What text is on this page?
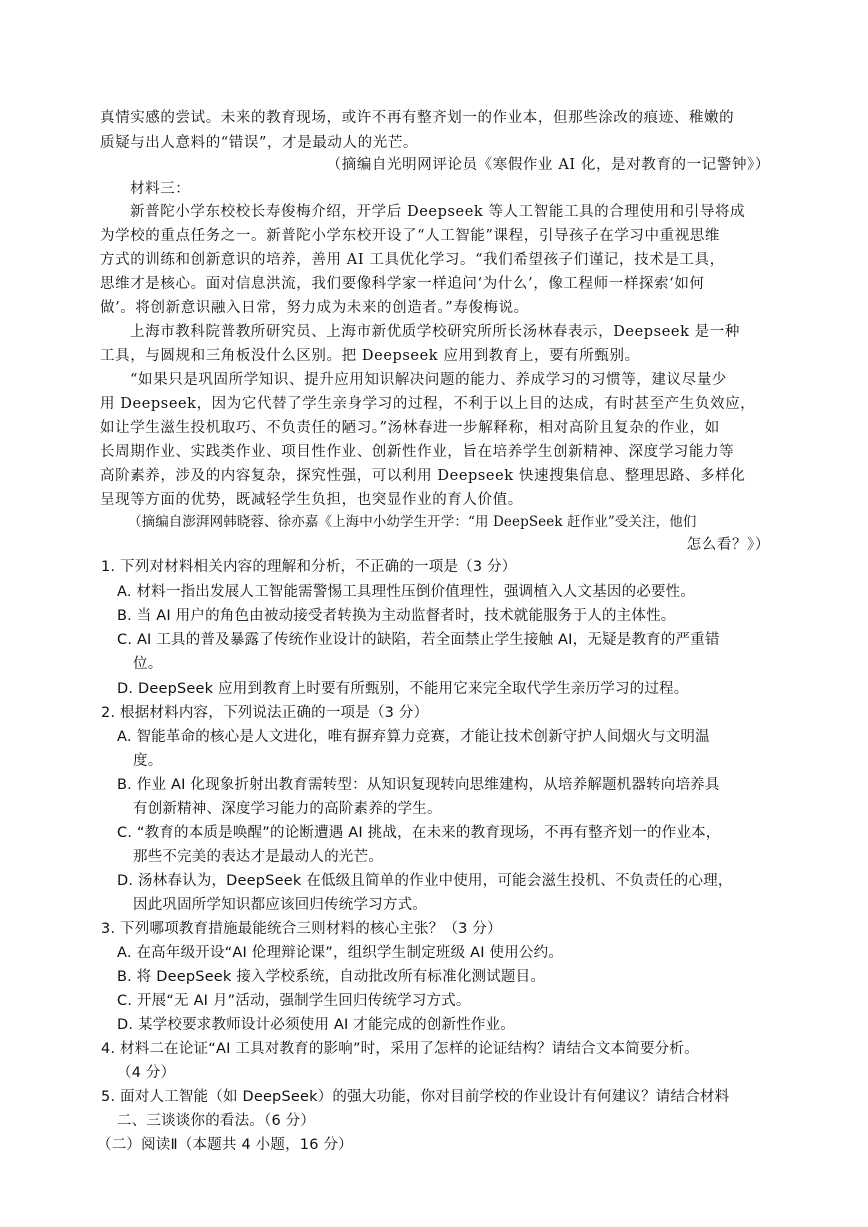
真情实感的尝试。未来的教育现场，或许不再有整齐划一的作业本，但那些涂改的痕迹、稚嫩的
质疑与出人意料的“错误”，才是最动人的光芒。
（摘编自光明网评论员《寒假作业 AI 化，是对教育的一记警钟》）
材料三：
新普陀小学东校校长寿俊梅介绍，开学后 Deepseek 等人工智能工具的合理使用和引导将成
为学校的重点任务之一。新普陀小学东校开设了“人工智能”课程，引导孩子在学习中重视思维
方式的训练和创新意识的培养，善用 AI 工具优化学习。“我们希望孩子们谨记，技术是工具，
思维才是核心。面对信息洪流，我们要像科学家一样追问‘为什么’，像工程师一样探索‘如何
做’。将创新意识融入日常，努力成为未来的创造者。”寿俊梅说。
上海市教科院普教所研究员、上海市新优质学校研究所所长汤林春表示，Deepseek 是一种
工具，与圆规和三角板没什么区别。把 Deepseek 应用到教育上，要有所甄别。
“如果只是巩固所学知识、提升应用知识解决问题的能力、养成学习的习惯等，建议尽量少
用 Deepseek，因为它代替了学生亲身学习的过程，不利于以上目的达成，有时甚至产生负效应，
如让学生滋生投机取巧、不负责任的陋习。”汤林春进一步解释称，相对高阶且复杂的作业，如
长周期作业、实践类作业、项目性作业、创新性作业，旨在培养学生创新精神、深度学习能力等
高阶素养，涉及的内容复杂，探究性强，可以利用 Deepseek 快速搜集信息、整理思路、多样化
呈现等方面的优势，既减轻学生负担，也突显作业的育人价值。
（摘编自澎湃网韩晓蓉、徐亦嘉《上海中小幼学生开学：“用 DeepSeek 赶作业”受关注，他们
怎么看？》）
1. 下列对材料相关内容的理解和分析，不正确的一项是（3 分）
A. 材料一指出发展人工智能需警惕工具理性压倒价值理性，强调植入人文基因的必要性。
B. 当 AI 用户的角色由被动接受者转换为主动监督者时，技术就能服务于人的主体性。
C. AI 工具的普及暴露了传统作业设计的缺陷，若全面禁止学生接触 AI，无疑是教育的严重错
位。
D. DeepSeek 应用到教育上时要有所甄别，不能用它来完全取代学生亲历学习的过程。
2. 根据材料内容，下列说法正确的一项是（3 分）
A. 智能革命的核心是人文进化，唯有摒弃算力竞赛，才能让技术创新守护人间烟火与文明温
度。
B. 作业 AI 化现象折射出教育需转型：从知识复现转向思维建构，从培养解题机器转向培养具
有创新精神、深度学习能力的高阶素养的学生。
C. “教育的本质是唤醒”的论断遭遇 AI 挑战，在未来的教育现场，不再有整齐划一的作业本，
那些不完美的表达才是最动人的光芒。
D. 汤林春认为，DeepSeek 在低级且简单的作业中使用，可能会滋生投机、不负责任的心理，
因此巩固所学知识都应该回归传统学习方式。
3. 下列哪项教育措施最能统合三则材料的核心主张？（3 分）
A. 在高年级开设“AI 伦理辩论课”，组织学生制定班级 AI 使用公约。
B. 将 DeepSeek 接入学校系统，自动批改所有标准化测试题目。
C. 开展“无 AI 月”活动，强制学生回归传统学习方式。
D. 某学校要求教师设计必须使用 AI 才能完成的创新性作业。
4. 材料二在论证“AI 工具对教育的影响”时，采用了怎样的论证结构？请结合文本简要分析。
（4 分）
5. 面对人工智能（如 DeepSeek）的强大功能，你对目前学校的作业设计有何建议？请结合材料
二、三谈谈你的看法。（6 分）
（二）阅读Ⅱ（本题共 4 小题，16 分）
